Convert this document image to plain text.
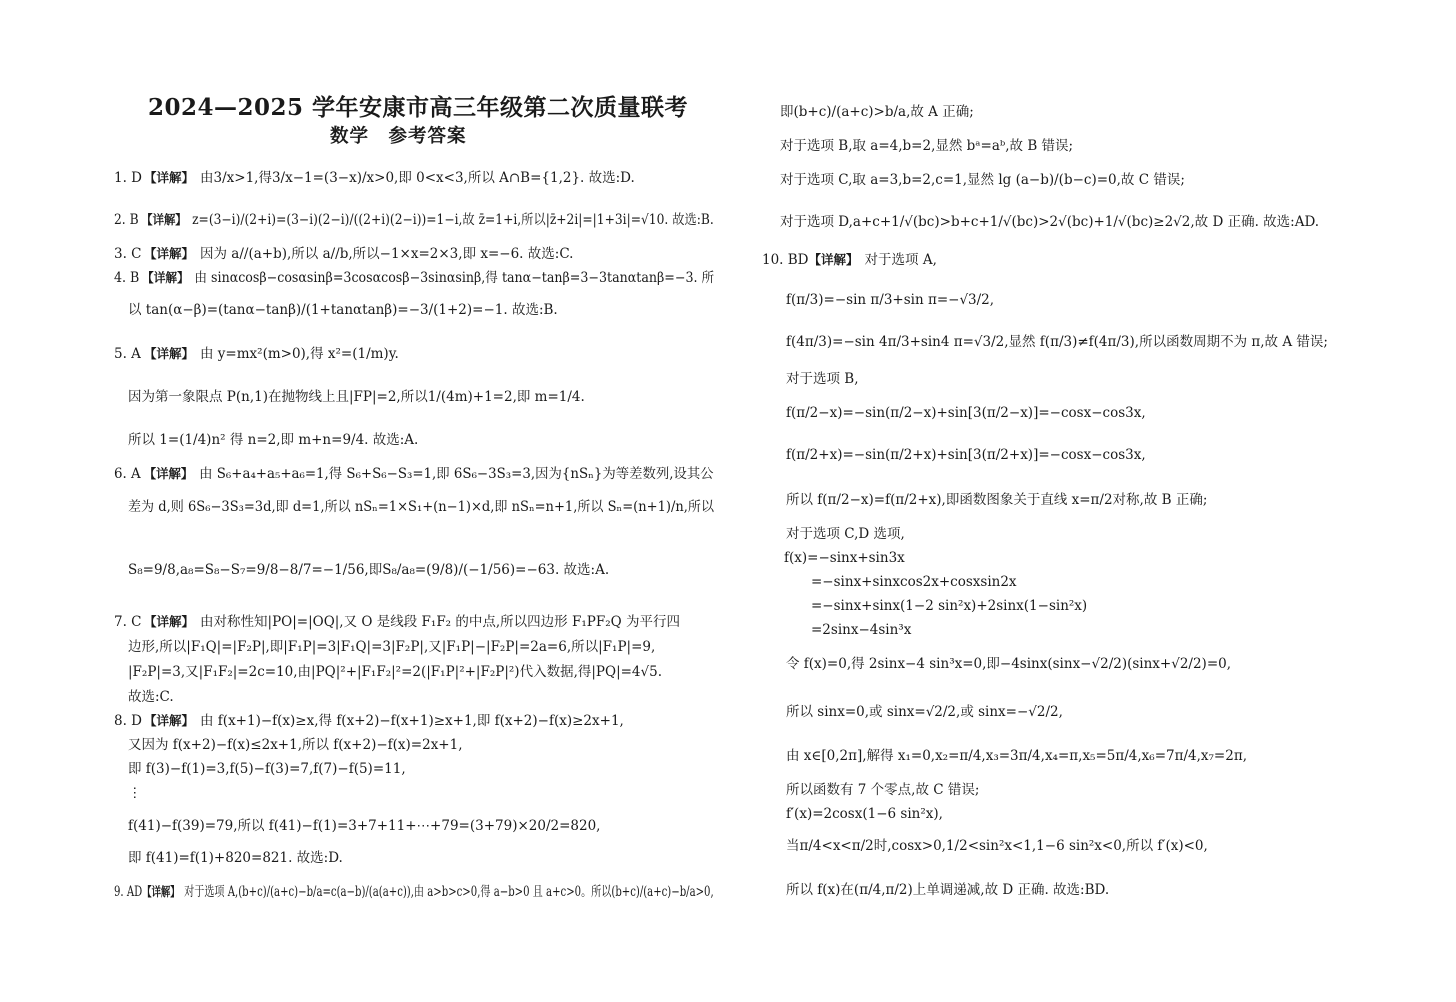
2024—2025 学年安康市高三年级第二次质量联考
数学　参考答案
1. D 【详解】 由3/x>1,得3/x−1=(3−x)/x>0,即 0<x<3,所以 A∩B={1,2}. 故选:D.
2. B 【详解】 z=(3−i)/(2+i)=(3−i)(2−i)/((2+i)(2−i))=1−i,故 z̄=1+i,所以|z̄+2i|=|1+3i|=√10. 故选:B.
3. C 【详解】 因为 a//(a+b),所以 a//b,所以−1×x=2×3,即 x=−6. 故选:C.
4. B 【详解】 由 sinαcosβ−cosαsinβ=3cosαcosβ−3sinαsinβ,得 tanα−tanβ=3−3tanαtanβ=−3. 所
以 tan(α−β)=(tanα−tanβ)/(1+tanαtanβ)=−3/(1+2)=−1. 故选:B.
5. A 【详解】 由 y=mx²(m>0),得 x²=(1/m)y.
因为第一象限点 P(n,1)在抛物线上且|FP|=2,所以1/(4m)+1=2,即 m=1/4.
所以 1=(1/4)n² 得 n=2,即 m+n=9/4. 故选:A.
6. A 【详解】 由 S₆+a₄+a₅+a₆=1,得 S₆+S₆−S₃=1,即 6S₆−3S₃=3,因为{nSₙ}为等差数列,设其公
差为 d,则 6S₆−3S₃=3d,即 d=1,所以 nSₙ=1×S₁+(n−1)×d,即 nSₙ=n+1,所以 Sₙ=(n+1)/n,所以
S₈=9/8,a₈=S₈−S₇=9/8−8/7=−1/56,即S₈/a₈=(9/8)/(−1/56)=−63. 故选:A.
7. C 【详解】 由对称性知|PO|=|OQ|,又 O 是线段 F₁F₂ 的中点,所以四边形 F₁PF₂Q 为平行四
边形,所以|F₁Q|=|F₂P|,即|F₁P|=3|F₁Q|=3|F₂P|,又|F₁P|−|F₂P|=2a=6,所以|F₁P|=9,
|F₂P|=3,又|F₁F₂|=2c=10,由|PQ|²+|F₁F₂|²=2(|F₁P|²+|F₂P|²)代入数据,得|PQ|=4√5.
故选:C.
8. D 【详解】 由 f(x+1)−f(x)≥x,得 f(x+2)−f(x+1)≥x+1,即 f(x+2)−f(x)≥2x+1,
又因为 f(x+2)−f(x)≤2x+1,所以 f(x+2)−f(x)=2x+1,
即 f(3)−f(1)=3,f(5)−f(3)=7,f(7)−f(5)=11,
⋮
f(41)−f(39)=79,所以 f(41)−f(1)=3+7+11+⋯+79=(3+79)×20/2=820,
即 f(41)=f(1)+820=821. 故选:D.
9. AD【详解】 对于选项 A,(b+c)/(a+c)−b/a=c(a−b)/(a(a+c)),由 a>b>c>0,得 a−b>0 且 a+c>0。所以(b+c)/(a+c)−b/a>0,
即(b+c)/(a+c)>b/a,故 A 正确;
对于选项 B,取 a=4,b=2,显然 bᵃ=aᵇ,故 B 错误;
对于选项 C,取 a=3,b=2,c=1,显然 lg (a−b)/(b−c)=0,故 C 错误;
对于选项 D,a+c+1/√(bc)>b+c+1/√(bc)>2√(bc)+1/√(bc)≥2√2,故 D 正确. 故选:AD.
10. BD【详解】 对于选项 A,
f(π/3)=−sin π/3+sin π=−√3/2,
f(4π/3)=−sin 4π/3+sin4 π=√3/2,显然 f(π/3)≠f(4π/3),所以函数周期不为 π,故 A 错误;
对于选项 B,
f(π/2−x)=−sin(π/2−x)+sin[3(π/2−x)]=−cosx−cos3x,
f(π/2+x)=−sin(π/2+x)+sin[3(π/2+x)]=−cosx−cos3x,
所以 f(π/2−x)=f(π/2+x),即函数图象关于直线 x=π/2对称,故 B 正确;
对于选项 C,D 选项,
f(x)=−sinx+sin3x
　　=−sinx+sinxcos2x+cosxsin2x
　　=−sinx+sinx(1−2 sin²x)+2sinx(1−sin²x)
　　=2sinx−4sin³x
令 f(x)=0,得 2sinx−4 sin³x=0,即−4sinx(sinx−√2/2)(sinx+√2/2)=0,
所以 sinx=0,或 sinx=√2/2,或 sinx=−√2/2,
由 x∈[0,2π],解得 x₁=0,x₂=π/4,x₃=3π/4,x₄=π,x₅=5π/4,x₆=7π/4,x₇=2π,
所以函数有 7 个零点,故 C 错误;
f′(x)=2cosx(1−6 sin²x),
当π/4<x<π/2时,cosx>0,1/2<sin²x<1,1−6 sin²x<0,所以 f′(x)<0,
所以 f(x)在(π/4,π/2)上单调递减,故 D 正确. 故选:BD.
